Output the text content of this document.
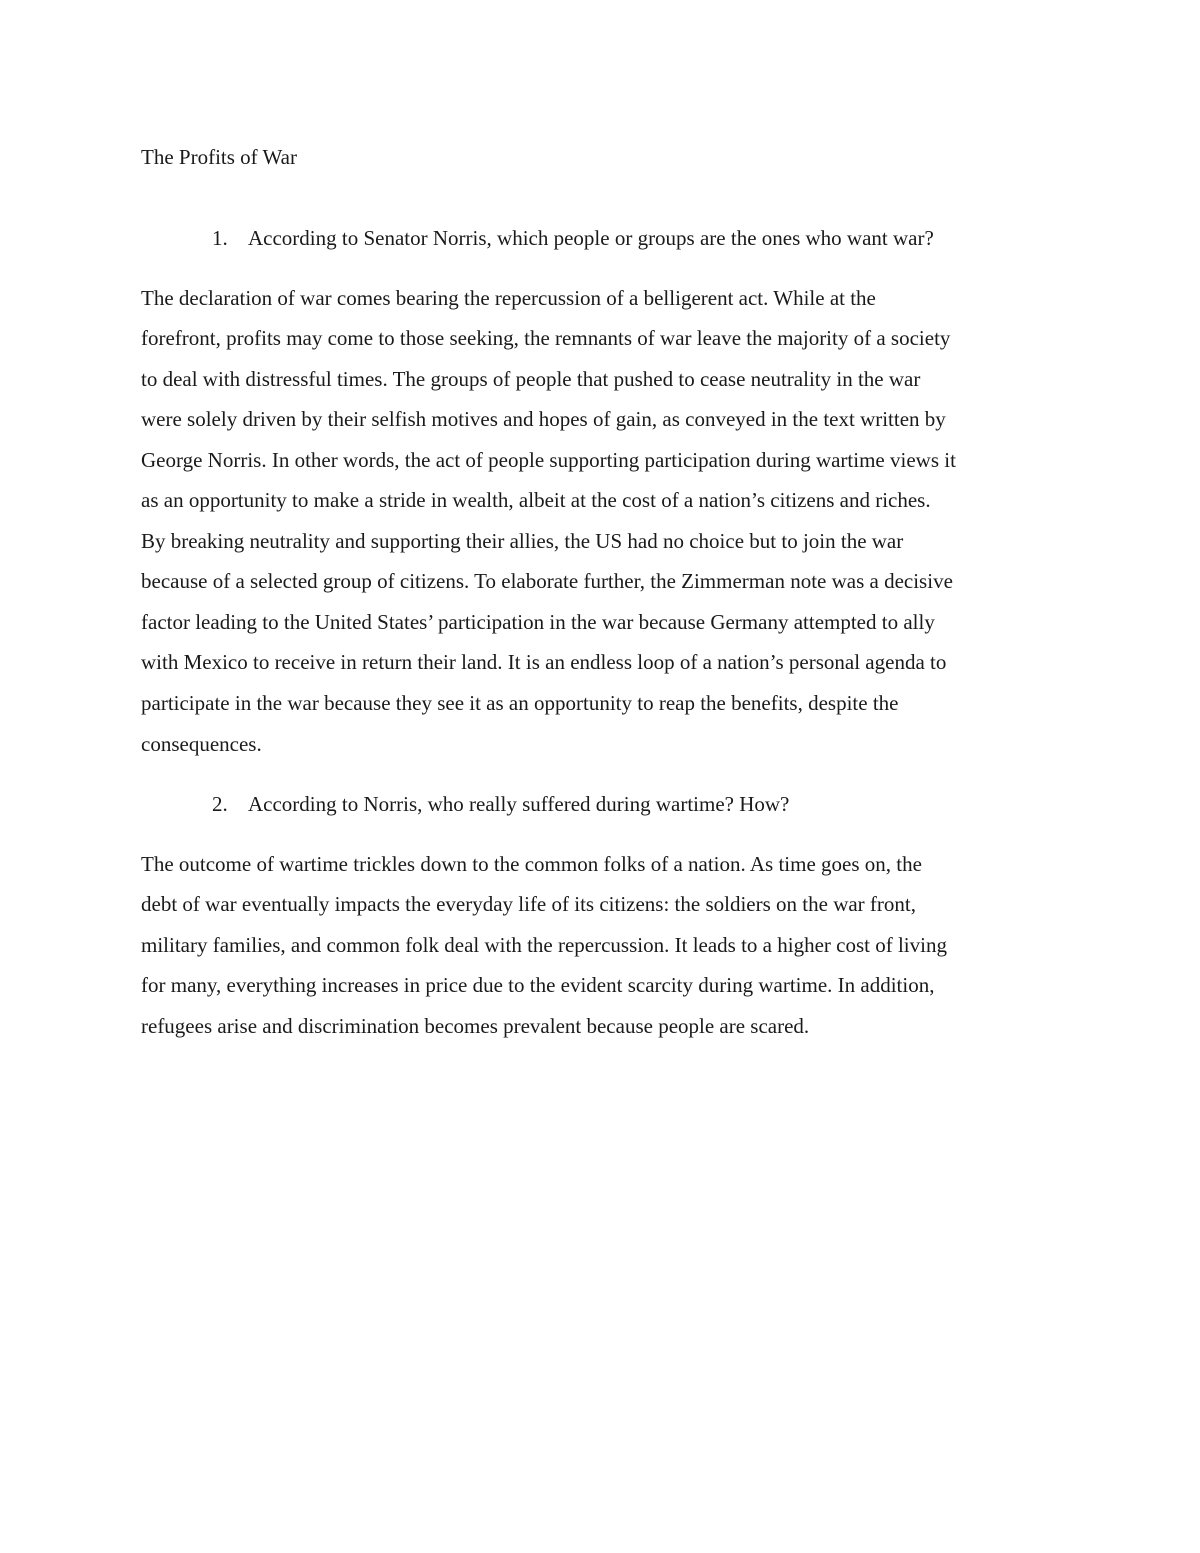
The Profits of War
1. According to Senator Norris, which people or groups are the ones who want war?
The declaration of war comes bearing the repercussion of a belligerent act. While at the
forefront, profits may come to those seeking, the remnants of war leave the majority of a society
to deal with distressful times. The groups of people that pushed to cease neutrality in the war
were solely driven by their selfish motives and hopes of gain, as conveyed in the text written by
George Norris. In other words, the act of people supporting participation during wartime views it
as an opportunity to make a stride in wealth, albeit at the cost of a nation’s citizens and riches.
By breaking neutrality and supporting their allies, the US had no choice but to join the war
because of a selected group of citizens. To elaborate further, the Zimmerman note was a decisive
factor leading to the United States’ participation in the war because Germany attempted to ally
with Mexico to receive in return their land. It is an endless loop of a nation’s personal agenda to
participate in the war because they see it as an opportunity to reap the benefits, despite the
consequences.
2. According to Norris, who really suffered during wartime? How?
The outcome of wartime trickles down to the common folks of a nation. As time goes on, the
debt of war eventually impacts the everyday life of its citizens: the soldiers on the war front,
military families, and common folk deal with the repercussion. It leads to a higher cost of living
for many, everything increases in price due to the evident scarcity during wartime. In addition,
refugees arise and discrimination becomes prevalent because people are scared.
